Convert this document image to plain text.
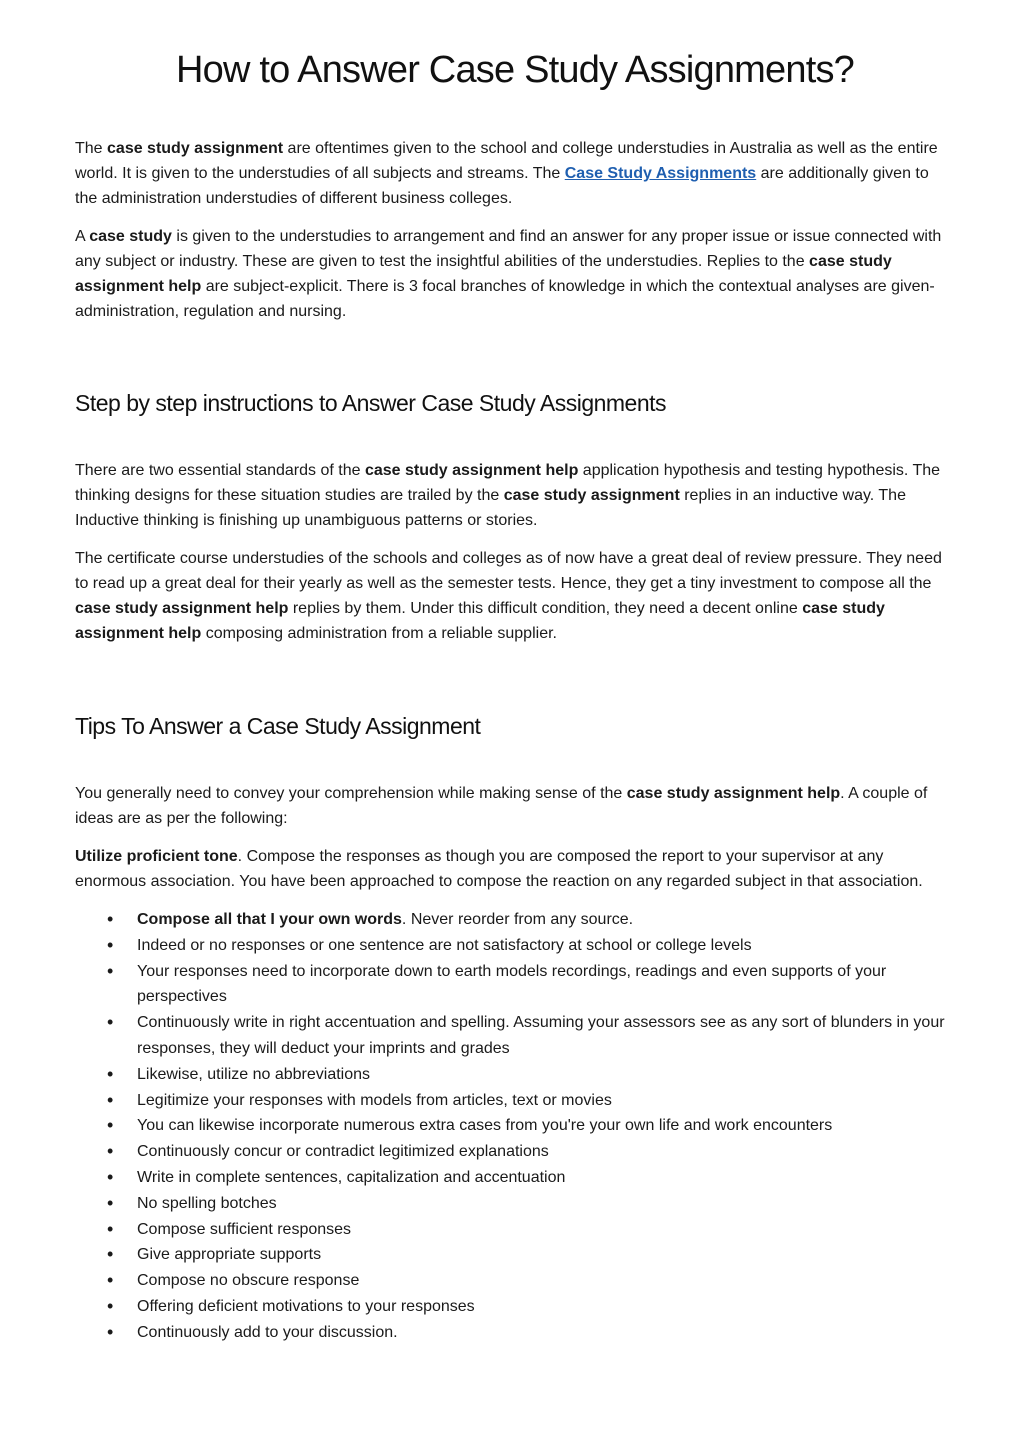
How to Answer Case Study Assignments?

The case study assignment are oftentimes given to the school and college understudies in Australia as well as the entire world. It is given to the understudies of all subjects and streams. The Case Study Assignments are additionally given to the administration understudies of different business colleges.

A case study is given to the understudies to arrangement and find an answer for any proper issue or issue connected with any subject or industry. These are given to test the insightful abilities of the understudies. Replies to the case study assignment help are subject-explicit. There is 3 focal branches of knowledge in which the contextual analyses are given-administration, regulation and nursing.

Step by step instructions to Answer Case Study Assignments

There are two essential standards of the case study assignment help application hypothesis and testing hypothesis. The thinking designs for these situation studies are trailed by the case study assignment replies in an inductive way. The Inductive thinking is finishing up unambiguous patterns or stories.

The certificate course understudies of the schools and colleges as of now have a great deal of review pressure. They need to read up a great deal for their yearly as well as the semester tests. Hence, they get a tiny investment to compose all the case study assignment help replies by them. Under this difficult condition, they need a decent online case study assignment help composing administration from a reliable supplier.

Tips To Answer a Case Study Assignment

You generally need to convey your comprehension while making sense of the case study assignment help. A couple of ideas are as per the following:

Utilize proficient tone. Compose the responses as though you are composed the report to your supervisor at any enormous association. You have been approached to compose the reaction on any regarded subject in that association.

• Compose all that I your own words. Never reorder from any source.
• Indeed or no responses or one sentence are not satisfactory at school or college levels
• Your responses need to incorporate down to earth models recordings, readings and even supports of your perspectives
• Continuously write in right accentuation and spelling. Assuming your assessors see as any sort of blunders in your responses, they will deduct your imprints and grades
• Likewise, utilize no abbreviations
• Legitimize your responses with models from articles, text or movies
• You can likewise incorporate numerous extra cases from you're your own life and work encounters
• Continuously concur or contradict legitimized explanations
• Write in complete sentences, capitalization and accentuation
• No spelling botches
• Compose sufficient responses
• Give appropriate supports
• Compose no obscure response
• Offering deficient motivations to your responses
• Continuously add to your discussion.
